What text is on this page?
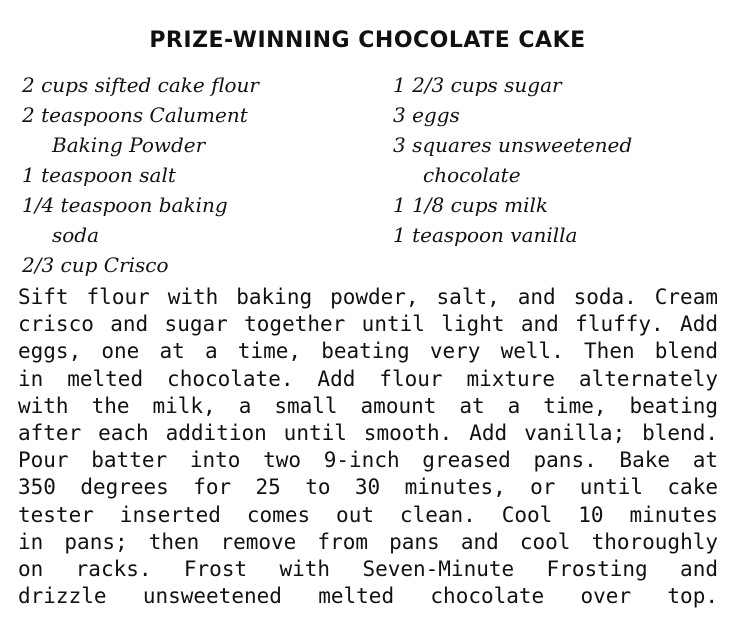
PRIZE-WINNING CHOCOLATE CAKE
2 cups sifted cake flour
2 teaspoons Calument
Baking Powder
1 teaspoon salt
1/4 teaspoon baking
soda
2/3 cup Crisco
1 2/3 cups sugar
3 eggs
3 squares unsweetened
chocolate
1 1/8 cups milk
1 teaspoon vanilla
Sift flour with baking powder, salt, and soda. Cream
crisco and sugar together until light and fluffy. Add
eggs, one at a time, beating very well. Then blend
in melted chocolate. Add flour mixture alternately
with the milk, a small amount at a time, beating
after each addition until smooth. Add vanilla; blend.
Pour batter into two 9-inch greased pans. Bake at
350 degrees for 25 to 30 minutes, or until cake
tester inserted comes out clean. Cool 10 minutes
in pans; then remove from pans and cool thoroughly
on racks. Frost with Seven-Minute Frosting and
drizzle unsweetened melted chocolate over top.
